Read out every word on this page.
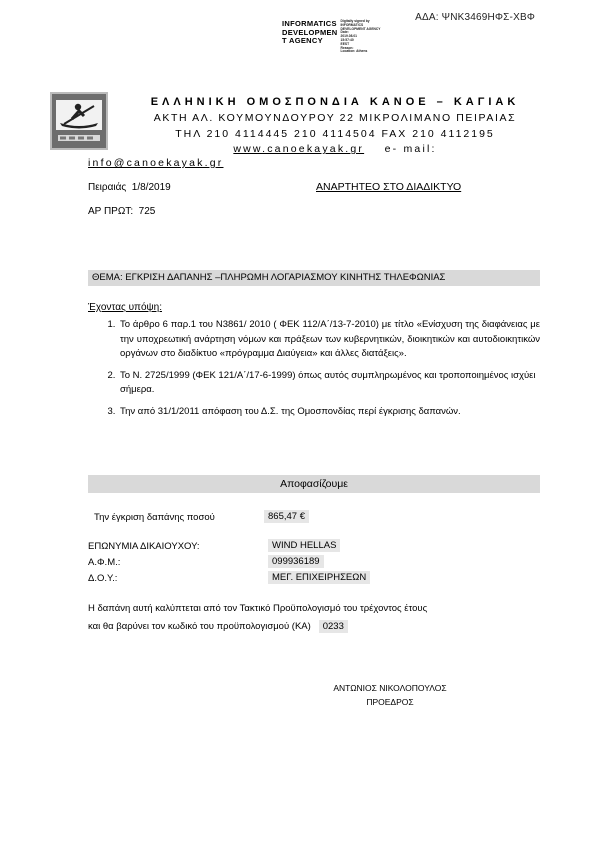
ΑΔΑ: ΨΝΚ3469ΗΦΣ-ΧΒΦ
INFORMATICS
DEVELOPMEN
T AGENCY
Digitally signed by
INFORMATICS
DEVELOPMENT AGENCY
Date:
2019.08.01
15:57:40
EEST
Reason:
Location: Athens
ΕΛΛΗΝΙΚΗ ΟΜΟΣΠΟΝΔΙΑ ΚΑΝΟΕ – ΚΑΓΙΑΚ
ΑΚΤΗ ΑΛ. ΚΟΥΜΟΥΝΔΟΥΡΟΥ 22 ΜΙΚΡΟΛΙΜΑΝΟ ΠΕΙΡΑΙΑΣ
ΤΗΛ 210 4114445 210 4114504 FAX 210 4112195
www.canoekayak.gr e- mail:
info@canoekayak.gr
Πειραιάς 1/8/2019	ΑΝΑΡΤΗΤΕΟ ΣΤΟ ΔΙΑΔΙΚΤΥΟ
ΑΡ ΠΡΩΤ: 725
ΘΕΜΑ: ΕΓΚΡΙΣΗ ΔΑΠΑΝΗΣ –ΠΛΗΡΩΜΗ ΛΟΓΑΡΙΑΣΜΟΥ ΚΙΝΗΤΗΣ ΤΗΛΕΦΩΝΙΑΣ
Έχοντας υπόψη:
1. Το άρθρο 6 παρ.1 του Ν3861/ 2010 ( ΦΕΚ 112/Α΄/13-7-2010) με τίτλο «Ενίσχυση της διαφάνειας με την υποχρεωτική ανάρτηση νόμων και πράξεων των κυβερνητικών, διοικητικών και αυτοδιοικητικών οργάνων στο διαδίκτυο «πρόγραμμα Διαύγεια» και άλλες διατάξεις».
2. Το Ν. 2725/1999 (ΦΕΚ 121/Α΄/17-6-1999) όπως αυτός συμπληρωμένος και τροποποιημένος ισχύει σήμερα.
3. Την από 31/1/2011 απόφαση του Δ.Σ. της Ομοσπονδίας περί έγκρισης δαπανών.
Αποφασίζουμε
Την έγκριση δαπάνης ποσού	865,47 €
ΕΠΩΝΥΜΙΑ ΔΙΚΑΙΟΥΧΟΥ:	WIND HELLAS
Α.Φ.Μ.:	099936189
Δ.Ο.Υ.:	ΜΕΓ. ΕΠΙΧΕΙΡΗΣΕΩΝ
Η δαπάνη αυτή καλύπτεται από τον Τακτικό Προϋπολογισμό του τρέχοντος έτους
και θα βαρύνει τον κωδικό του προϋπολογισμού (ΚΑ) 0233
ΑΝΤΩΝΙΟΣ ΝΙΚΟΛΟΠΟΥΛΟΣ
ΠΡΟΕΔΡΟΣ
